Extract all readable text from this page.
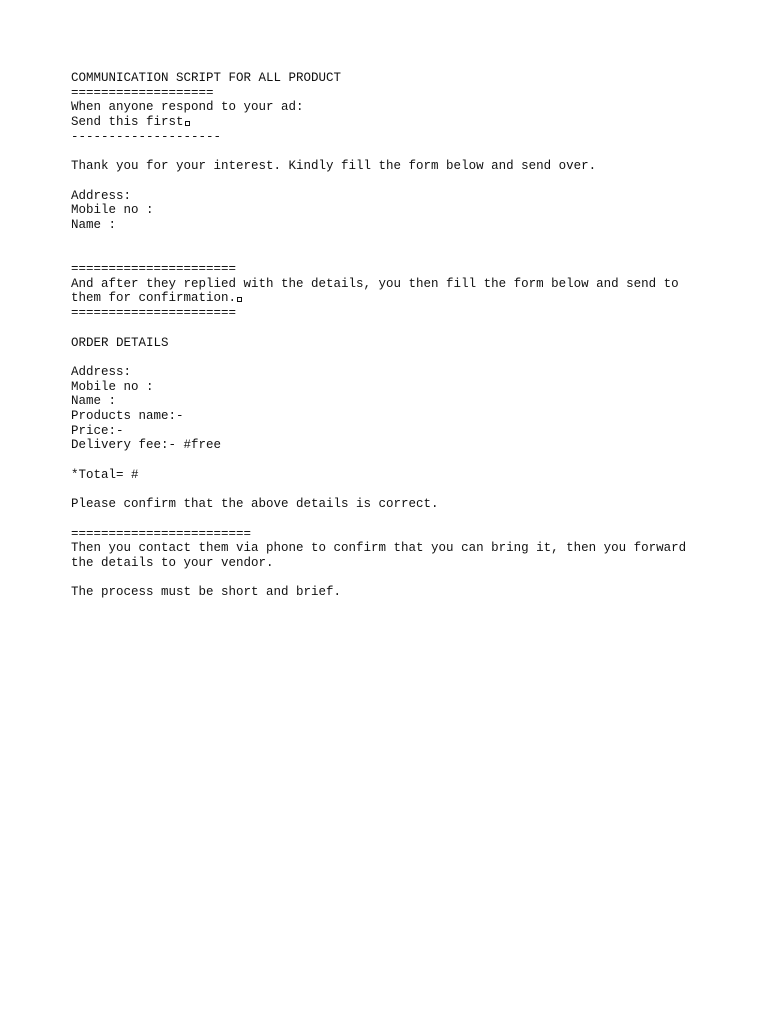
COMMUNICATION SCRIPT FOR ALL PRODUCT
===================
When anyone respond to your ad:
Send this first
--------------------
Thank you for your interest. Kindly fill the form below and send over.
Address:
Mobile no :
Name :
======================
And after they replied with the details, you then fill the form below and send to
them for confirmation.
======================
ORDER DETAILS
Address:
Mobile no :
Name :
Products name:-
Price:-
Delivery fee:- #free
*Total= #
Please confirm that the above details is correct.
========================
Then you contact them via phone to confirm that you can bring it, then you forward
the details to your vendor.
The process must be short and brief.
